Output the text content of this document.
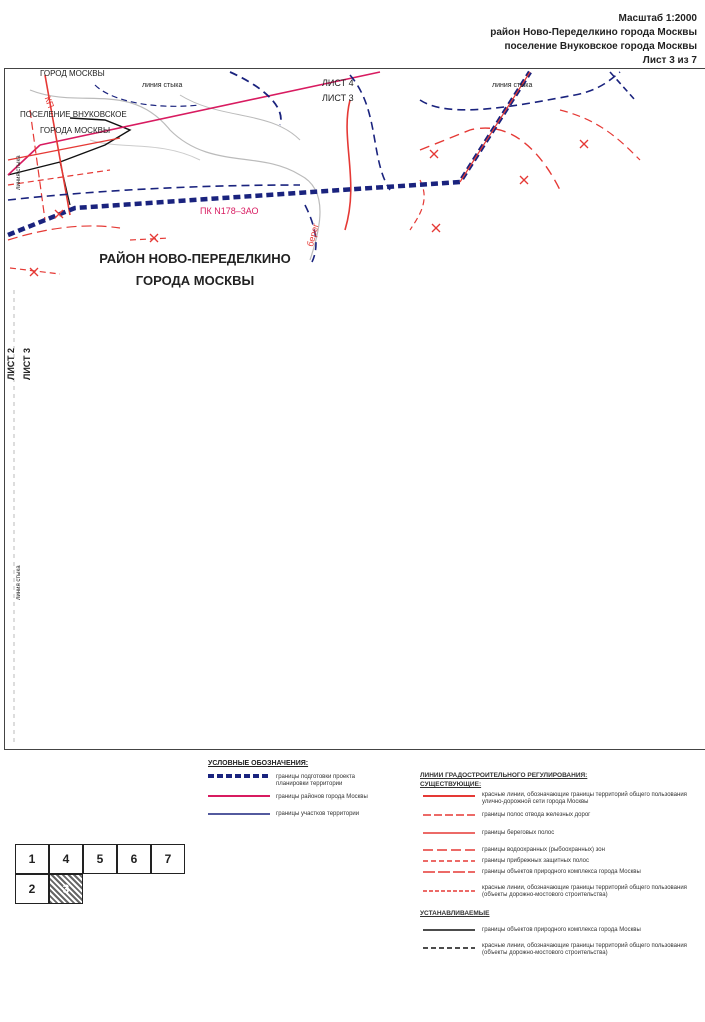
Масштаб 1:2000
район Ново-Переделкино города Москвы
поселение Внуковское города Москвы
Лист 3 из 7
ГОРОД МОСКВЫ
ПОСЕЛЕНИЕ ВНУКОВСКОЕ
ГОРОДА МОСКВЫ
линия стыка	линия стыка
ЛИСТ 4
ЛИСТ 3
ПК N178–3АО
КП
берег
РАЙОН НОВО-ПЕРЕДЕЛКИНО
ГОРОДА МОСКВЫ
ЛИСТ 2 ЛИСТ 3
линия стыка
линия стыка
УСЛОВНЫЕ ОБОЗНАЧЕНИЯ:
границы подготовки проекта планировки территории
границы районов города Москвы
границы участков территории
ЛИНИИ ГРАДОСТРОИТЕЛЬНОГО РЕГУЛИРОВАНИЯ:
СУЩЕСТВУЮЩИЕ:
красные линии, обозначающие границы территорий общего пользования улично-дорожной сети города Москвы
границы полос отвода железных дорог
границы береговых полос
границы водоохранных (рыбоохранных) зон
границы прибрежных защитных полос
границы объектов природного комплекса города Москвы
красные линии, обозначающие границы территорий общего пользования (объекты дорожно-мостового строительства)
УСТАНАВЛИВАЕМЫЕ
границы объектов природного комплекса города Москвы
красные линии, обозначающие границы территорий общего пользования (объекты дорожно-мостового строительства)
1	4	5	6	7
2	3
